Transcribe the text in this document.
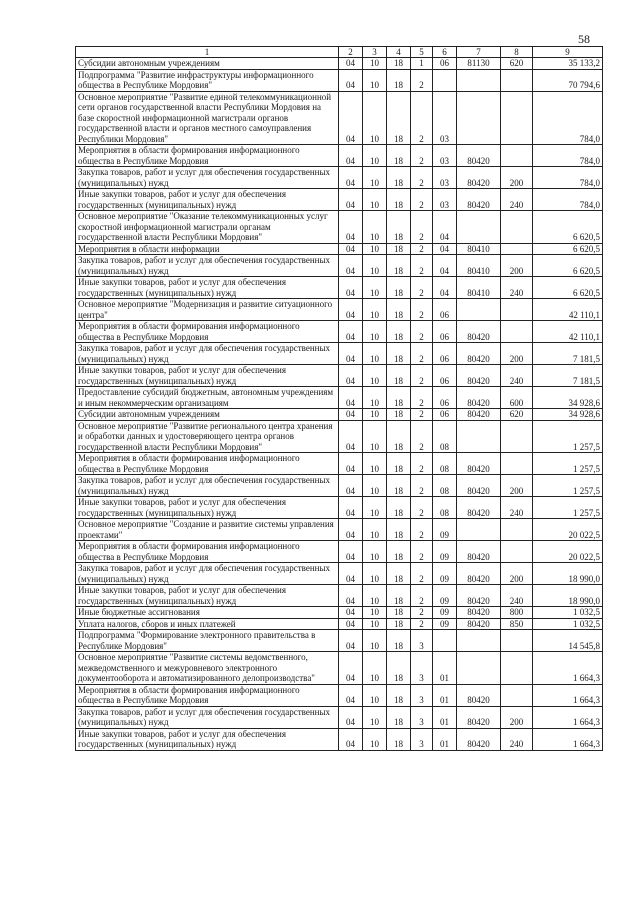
58
1	2	3	4	5	6	7	8	9
Субсидии автономным учреждениям	04	10	18	1	06	81130	620	35 133,2
Подпрограмма "Развитие инфраструктуры информационного общества в Республике Мордовия"	04	10	18	2				70 794,6
Основное мероприятие "Развитие единой телекоммуникационной сети органов государственной власти Республики Мордовия на базе скоростной информационной магистрали органов государственной власти и органов местного самоуправления Республики Мордовия"	04	10	18	2	03			784,0
Мероприятия в области формирования информационного общества в Республике Мордовия	04	10	18	2	03	80420		784,0
Закупка товаров, работ и услуг для обеспечения государственных (муниципальных) нужд	04	10	18	2	03	80420	200	784,0
Иные закупки товаров, работ и услуг для обеспечения государственных (муниципальных) нужд	04	10	18	2	03	80420	240	784,0
Основное мероприятие "Оказание телекоммуникационных услуг скоростной информационной магистрали органам государственной власти Республики Мордовия"	04	10	18	2	04			6 620,5
Мероприятия в области информации	04	10	18	2	04	80410		6 620,5
Закупка товаров, работ и услуг для обеспечения государственных (муниципальных) нужд	04	10	18	2	04	80410	200	6 620,5
Иные закупки товаров, работ и услуг для обеспечения государственных (муниципальных) нужд	04	10	18	2	04	80410	240	6 620,5
Основное мероприятие "Модернизация и развитие ситуационного центра"	04	10	18	2	06			42 110,1
Мероприятия в области формирования информационного общества в Республике Мордовия	04	10	18	2	06	80420		42 110,1
Закупка товаров, работ и услуг для обеспечения государственных (муниципальных) нужд	04	10	18	2	06	80420	200	7 181,5
Иные закупки товаров, работ и услуг для обеспечения государственных (муниципальных) нужд	04	10	18	2	06	80420	240	7 181,5
Предоставление субсидий бюджетным, автономным учреждениям и иным некоммерческим организациям	04	10	18	2	06	80420	600	34 928,6
Субсидии автономным учреждениям	04	10	18	2	06	80420	620	34 928,6
Основное мероприятие "Развитие регионального центра хранения и обработки данных и удостоверяющего центра органов государственной власти Республики Мордовия"	04	10	18	2	08			1 257,5
Мероприятия в области формирования информационного общества в Республике Мордовия	04	10	18	2	08	80420		1 257,5
Закупка товаров, работ и услуг для обеспечения государственных (муниципальных) нужд	04	10	18	2	08	80420	200	1 257,5
Иные закупки товаров, работ и услуг для обеспечения государственных (муниципальных) нужд	04	10	18	2	08	80420	240	1 257,5
Основное мероприятие "Создание и развитие системы управления проектами"	04	10	18	2	09			20 022,5
Мероприятия в области формирования информационного общества в Республике Мордовия	04	10	18	2	09	80420		20 022,5
Закупка товаров, работ и услуг для обеспечения государственных (муниципальных) нужд	04	10	18	2	09	80420	200	18 990,0
Иные закупки товаров, работ и услуг для обеспечения государственных (муниципальных) нужд	04	10	18	2	09	80420	240	18 990,0
Иные бюджетные ассигнования	04	10	18	2	09	80420	800	1 032,5
Уплата налогов, сборов и иных платежей	04	10	18	2	09	80420	850	1 032,5
Подпрограмма "Формирование электронного правительства в Республике Мордовия"	04	10	18	3				14 545,8
Основное мероприятие "Развитие системы ведомственного, межведомственного и межуровневого электронного документооборота и автоматизированного делопроизводства"	04	10	18	3	01			1 664,3
Мероприятия в области формирования информационного общества в Республике Мордовия	04	10	18	3	01	80420		1 664,3
Закупка товаров, работ и услуг для обеспечения государственных (муниципальных) нужд	04	10	18	3	01	80420	200	1 664,3
Иные закупки товаров, работ и услуг для обеспечения государственных (муниципальных) нужд	04	10	18	3	01	80420	240	1 664,3
